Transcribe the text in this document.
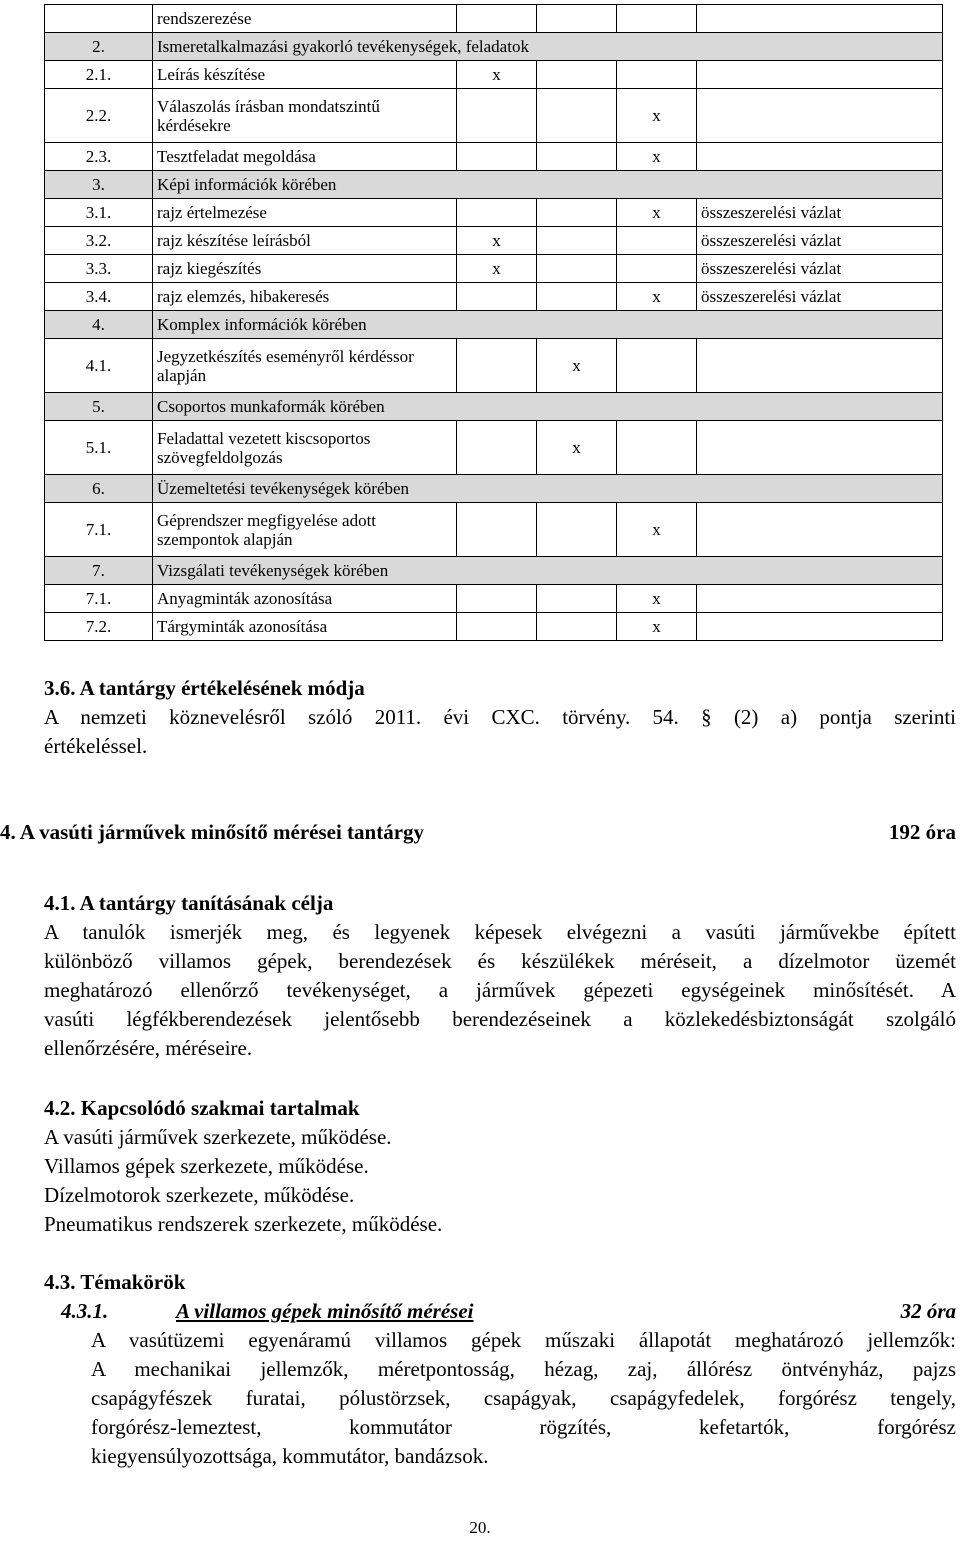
	rendszerezése				
2.	Ismeretalkalmazási gyakorló tevékenységek, feladatok				
2.1.	Leírás készítése	x			
2.2.	Válaszolás írásban mondatszintű kérdésekre			x	
2.3.	Tesztfeladat megoldása			x	
3.	Képi információk körében				
3.1.	rajz értelmezése			x	összeszerelési vázlat
3.2.	rajz készítése leírásból	x			összeszerelési vázlat
3.3.	rajz kiegészítés	x			összeszerelési vázlat
3.4.	rajz elemzés, hibakeresés			x	összeszerelési vázlat
4.	Komplex információk körében				
4.1.	Jegyzetkészítés eseményről kérdéssor alapján		x		
5.	Csoportos munkaformák körében				
5.1.	Feladattal vezetett kiscsoportos szövegfeldolgozás		x		
6.	Üzemeltetési tevékenységek körében				
7.1.	Géprendszer megfigyelése adott szempontok alapján			x	
7.	Vizsgálati tevékenységek körében				
7.1.	Anyagminták azonosítása			x	
7.2.	Tárgyminták azonosítása			x	
3.6. A tantárgy értékelésének módja
A nemzeti köznevelésről szóló 2011. évi CXC. törvény. 54. § (2) a) pontja szerinti
értékeléssel.
4. A vasúti járművek minősítő mérései tantárgy	192 óra
4.1. A tantárgy tanításának célja
A tanulók ismerjék meg, és legyenek képesek elvégezni a vasúti járművekbe épített
különböző villamos gépek, berendezések és készülékek méréseit, a dízelmotor üzemét
meghatározó ellenőrző tevékenységet, a járművek gépezeti egységeinek minősítését. A
vasúti légfékberendezések jelentősebb berendezéseinek a közlekedésbiztonságát szolgáló
ellenőrzésére, méréseire.
4.2. Kapcsolódó szakmai tartalmak
A vasúti járművek szerkezete, működése.
Villamos gépek szerkezete, működése.
Dízelmotorok szerkezete, működése.
Pneumatikus rendszerek szerkezete, működése.
4.3. Témakörök
4.3.1.	A villamos gépek minősítő mérései	32 óra
A vasútüzemi egyenáramú villamos gépek műszaki állapotát meghatározó jellemzők:
A mechanikai jellemzők, méretpontosság, hézag, zaj, állórész öntvényház, pajzs
csapágyfészek furatai, pólustörzsek, csapágyak, csapágyfedelek, forgórész tengely,
forgórész-lemeztest, kommutátor rögzítés, kefetartók, forgórész
kiegyensúlyozottsága, kommutátor, bandázsok.
20.
